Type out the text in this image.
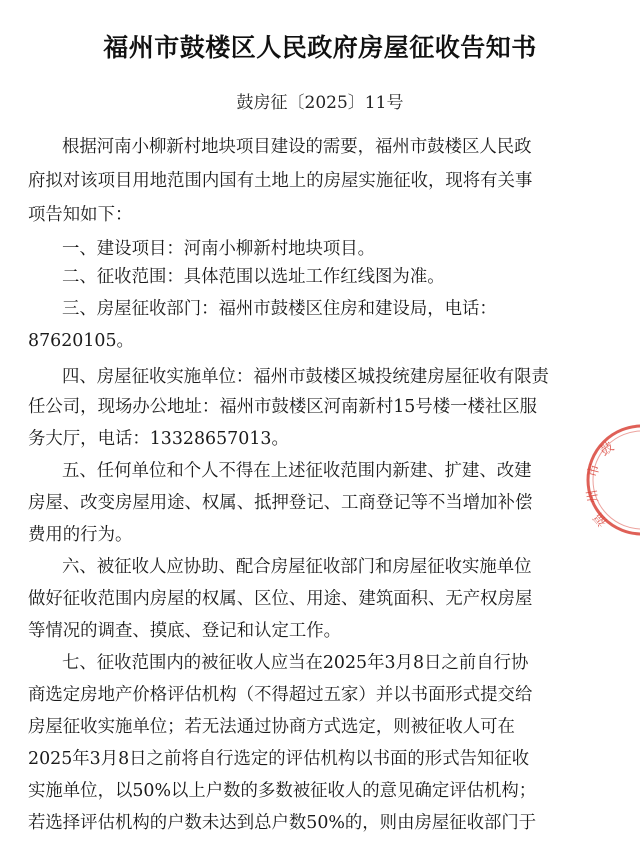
福州市鼓楼区人民政府房屋征收告知书
鼓房征〔2025〕11号
根据河南小柳新村地块项目建设的需要，福州市鼓楼区人民政
府拟对该项目用地范围内国有土地上的房屋实施征收，现将有关事
项告知如下：
一、建设项目：河南小柳新村地块项目。
二、征收范围：具体范围以选址工作红线图为准。
三、房屋征收部门：福州市鼓楼区住房和建设局，电话：
87620105。
四、房屋征收实施单位：福州市鼓楼区城投统建房屋征收有限责
任公司，现场办公地址：福州市鼓楼区河南新村15号楼一楼社区服
务大厅，电话：13328657013。
五、任何单位和个人不得在上述征收范围内新建、扩建、改建
房屋、改变房屋用途、权属、抵押登记、工商登记等不当增加补偿
费用的行为。
六、被征收人应协助、配合房屋征收部门和房屋征收实施单位
做好征收范围内房屋的权属、区位、用途、建筑面积、无产权房屋
等情况的调查、摸底、登记和认定工作。
七、征收范围内的被征收人应当在2025年3月8日之前自行协
商选定房地产价格评估机构（不得超过五家）并以书面形式提交给
房屋征收实施单位；若无法通过协商方式选定，则被征收人可在
2025年3月8日之前将自行选定的评估机构以书面的形式告知征收
实施单位，以50%以上户数的多数被征收人的意见确定评估机构；
若选择评估机构的户数未达到总户数50%的，则由房屋征收部门于
鼓
市
州
福
